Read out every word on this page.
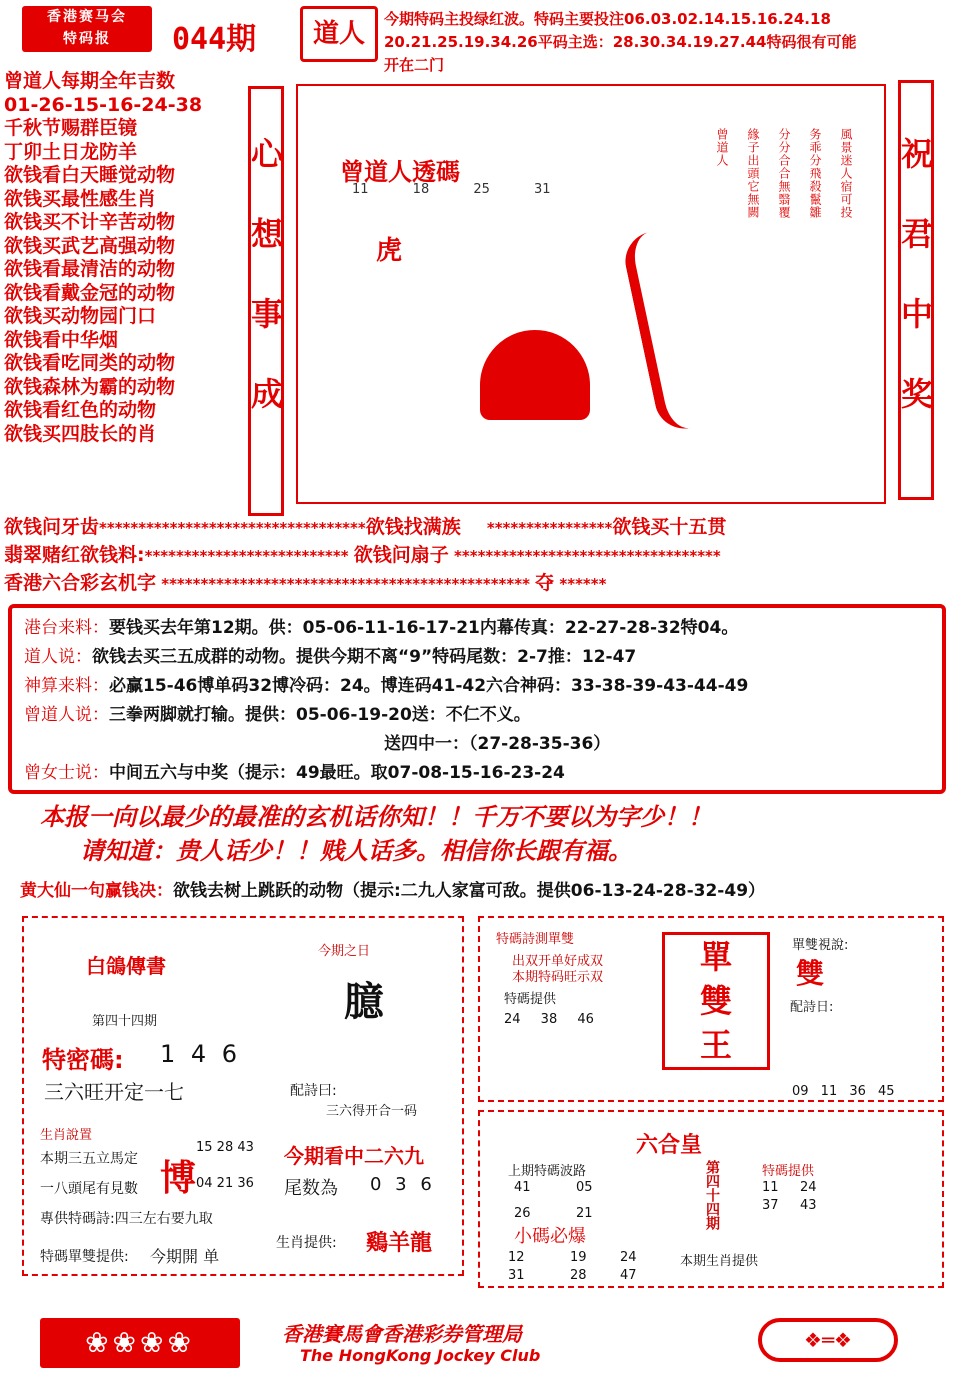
香港赛马会
特码报	044期	道人	今期特码主投绿红波。特码主要投注06.03.02.14.15.16.24.18
20.21.25.19.34.26平码主选：28.30.34.19.27.44特码很有可能
开在二门
曾道人每期全年吉数
01-26-15-16-24-38
千秋节赐群臣镜
丁卯土日龙防羊
欲钱看白天睡觉动物
欲钱买最性感生肖
欲钱买不计辛苦动物
欲钱买武艺高强动物
欲钱看最清洁的动物
欲钱看戴金冠的动物
欲钱买动物园门口
欲钱看中华烟
欲钱看吃同类的动物
欲钱森林为霸的动物
欲钱看红色的动物
欲钱买四肢长的肖
心
想
事
成
祝
君
中
奖
曾道人透碼
11 18 25 31
虎
風景迷人宿可投
务乖分飛殺鬣雛
分分合合無翳覆
緣子出頭它無闕
曾道人
欲钱问牙齿**********************************欲钱找满族     ****************欲钱买十五贯
翡翠赌红欲钱料:************************** 欲钱问扇子 **********************************
香港六合彩玄机字 *********************************************** 夺 ******
港台来料：要钱买去年第12期。供：05-06-11-16-17-21内幕传真：22-27-28-32特04。
道人说：欲钱去买三五成群的动物。提供今期不离“9”特码尾数：2-7推：12-47
神算来料：必赢15-46博单码32博冷码：24。博连码41-42六合神码：33-38-39-43-44-49
曾道人说：三拳两脚就打输。提供：05-06-19-20送：不仁不义。
送四中一：（27-28-35-36）
曾女士说：中间五六与中奖（提示：49最旺。取07-08-15-16-23-24
本报一向以最少的最准的玄机话你知！！千万不要以为字少！！
请知道：贵人话少！！贱人话多。相信你长跟有福。
黄大仙一句赢钱决：欲钱去树上跳跃的动物（提示:二九人家富可敌。提供06-13-24-28-32-49）
白鴿傳書
第四十四期
特密碼: 1 4 6
三六旺开定一七
生肖說置
本期三五立馬定
一八頭尾有見數
專供特碼詩:四三左右要九取
博
15 28 43
04 21 36
特碼單雙提供: 今期開 单
今期之日
臆
配詩曰:
三六得开合一码
今期看中二六九
尾数為 0 3 6
生肖提供: 鷄羊龍
特碼詩測單雙
出双开单好成双
本期特码旺示双
特碼提供
24 38 46
單
雙
王
單雙視說:
雙
配詩日:
09 11 36 45
六合皇
上期特碼波路
41	05
26	21	第四十四期	特碼提供
11 24
37 43
小碼必爆
12	19	24
31	28	47
本期生肖提供
❀❀❀❀	香港賽馬會香港彩券管理局
The HongKong Jockey Club
❖═❖
